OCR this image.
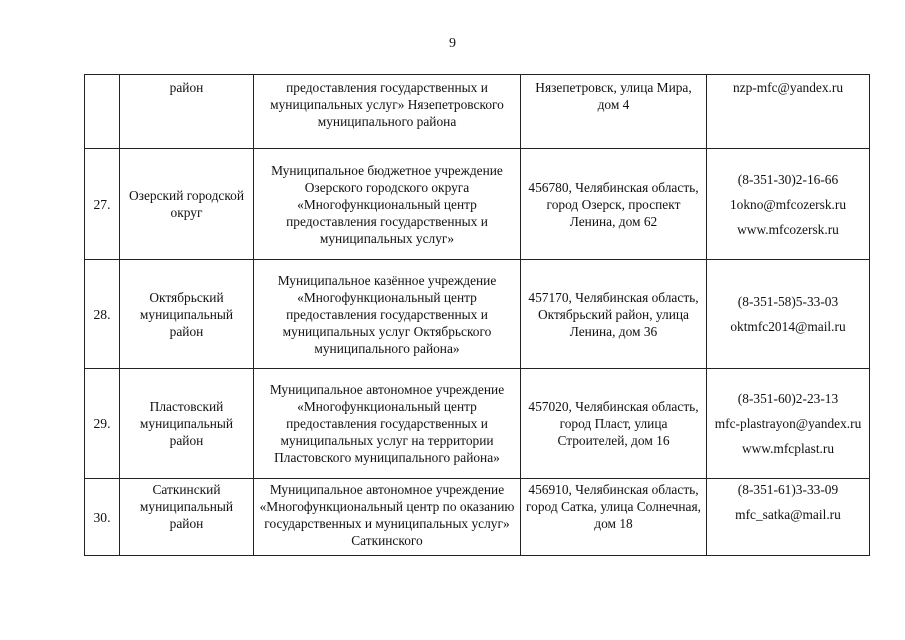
9
	район	предоставления государственных и муниципальных услуг» Нязепетровского муниципального района	Нязепетровск, улица Мира, дом 4	nzp-mfc@yandex.ru

27.	Озерский городской округ	Муниципальное бюджетное учреждение Озерского городского округа «Многофункциональный центр предоставления государственных и муниципальных услуг»	456780, Челябинская область, город Озерск, проспект Ленина, дом 62	(8-351-30)2-16-66
1okno@mfcozersk.ru
www.mfcozersk.ru

28.	Октябрьский муниципальный район	Муниципальное казённое учреждение «Многофункциональный центр предоставления государственных и муниципальных услуг Октябрьского муниципального района»	457170, Челябинская область, Октябрьский район, улица Ленина, дом 36	(8-351-58)5-33-03
oktmfc2014@mail.ru

29.	Пластовский муниципальный район	Муниципальное автономное учреждение «Многофункциональный центр предоставления государственных и муниципальных услуг на территории Пластовского муниципального района»	457020, Челябинская область, город Пласт, улица Строителей, дом 16	(8-351-60)2-23-13
mfc-plastrayon@yandex.ru
www.mfcplast.ru

30.	Саткинский муниципальный район	Муниципальное автономное учреждение «Многофункциональный центр по оказанию государственных и муниципальных услуг» Саткинского	456910, Челябинская область, город Сатка, улица Солнечная, дом 18	(8-351-61)3-33-09
mfc_satka@mail.ru
